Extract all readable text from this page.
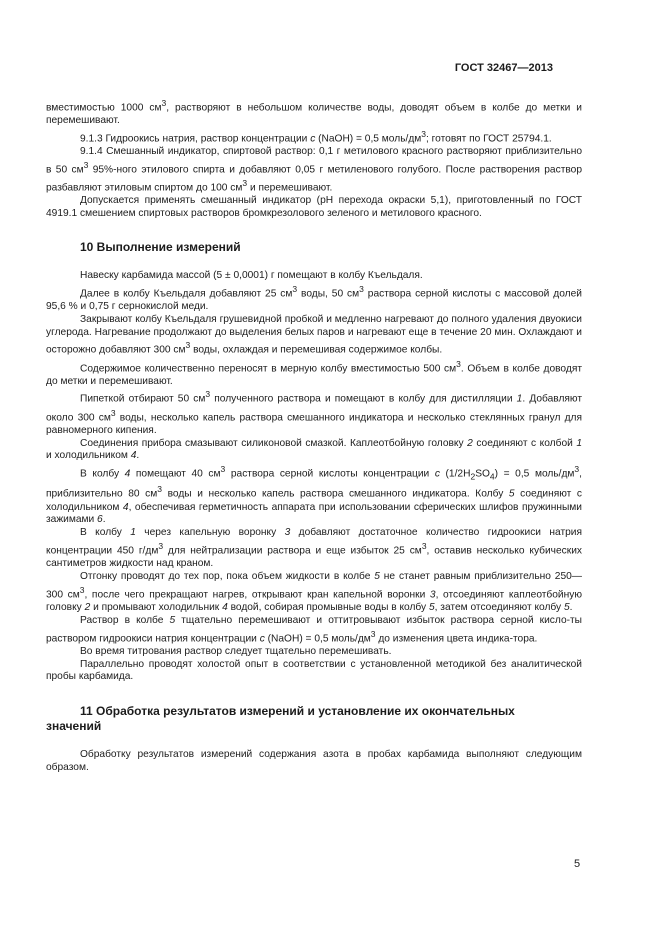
ГОСТ 32467—2013

вместимостью 1000 $см^3$, растворяют в небольшом количестве воды, доводят объем в колбе до метки и перемешивают.

9.1.3 Гидроокись натрия, раствор концентрации c (NaOH) = 0,5 моль/$дм^3$; готовят по ГОСТ 25794.1.

9.1.4 Смешанный индикатор, спиртовой раствор: 0,1 г метилового красного растворяют приблизительно в 50 $см^3$ 95%-ного этилового спирта и добавляют 0,05 г метиленового голубого. После растворения раствор разбавляют этиловым спиртом до 100 $см^3$ и перемешивают.

Допускается применять смешанный индикатор (pH перехода окраски 5,1), приготовленный по ГОСТ 4919.1 смешением спиртовых растворов бромкрезолового зеленого и метилового красного.

10 Выполнение измерений

Навеску карбамида массой (5 ± 0,0001) г помещают в колбу Къельдаля.

Далее в колбу Къельдаля добавляют 25 $см^3$ воды, 50 $см^3$ раствора серной кислоты с массовой долей 95,6 % и 0,75 г сернокислой меди.

Закрывают колбу Къельдаля грушевидной пробкой и медленно нагревают до полного удаления двуокиси углерода. Нагревание продолжают до выделения белых паров и нагревают еще в течение 20 мин. Охлаждают и осторожно добавляют 300 $см^3$ воды, охлаждая и перемешивая содержимое колбы.

Содержимое количественно переносят в мерную колбу вместимостью 500 $см^3$. Объем в колбе доводят до метки и перемешивают.

Пипеткой отбирают 50 $см^3$ полученного раствора и помещают в колбу для дистилляции 1. Добавляют около 300 $см^3$ воды, несколько капель раствора смешанного индикатора и несколько стеклянных гранул для равномерного кипения.

Соединения прибора смазывают силиконовой смазкой. Каплеотбойную головку 2 соединяют с колбой 1 и холодильником 4.

В колбу 4 помещают 40 $см^3$ раствора серной кислоты концентрации c $(1/2H_2SO_4) = 0,5$ моль/$дм^3$, приблизительно 80 $см^3$ воды и несколько капель раствора смешанного индикатора. Колбу 5 соединяют с холодильником 4, обеспечивая герметичность аппарата при использовании сферических шлифов пружинными зажимами 6.

В колбу 1 через капельную воронку 3 добавляют достаточное количество гидроокиси натрия концентрации 450 $г/дм^3$ для нейтрализации раствора и еще избыток 25 $см^3$, оставив несколько кубических сантиметров жидкости над краном.

Отгонку проводят до тех пор, пока объем жидкости в колбе 5 не станет равным приблизительно 250—300 $см^3$, после чего прекращают нагрев, открывают кран капельной воронки 3, отсоединяют каплеотбойную головку 2 и промывают холодильник 4 водой, собирая промывные воды в колбу 5, затем отсоединяют колбу 5.

Раствор в колбе 5 тщательно перемешивают и оттитровывают избыток раствора серной кисло-ты раствором гидроокиси натрия концентрации c (NaOH) = 0,5 моль/$дм^3$ до изменения цвета индика-тора.

Во время титрования раствор следует тщательно перемешивать.

Параллельно проводят холостой опыт в соответствии с установленной методикой без аналитической пробы карбамида.

11 Обработка результатов измерений и установление их окончательных
значений

Обработку результатов измерений содержания азота в пробах карбамида выполняют следующим образом.

5
